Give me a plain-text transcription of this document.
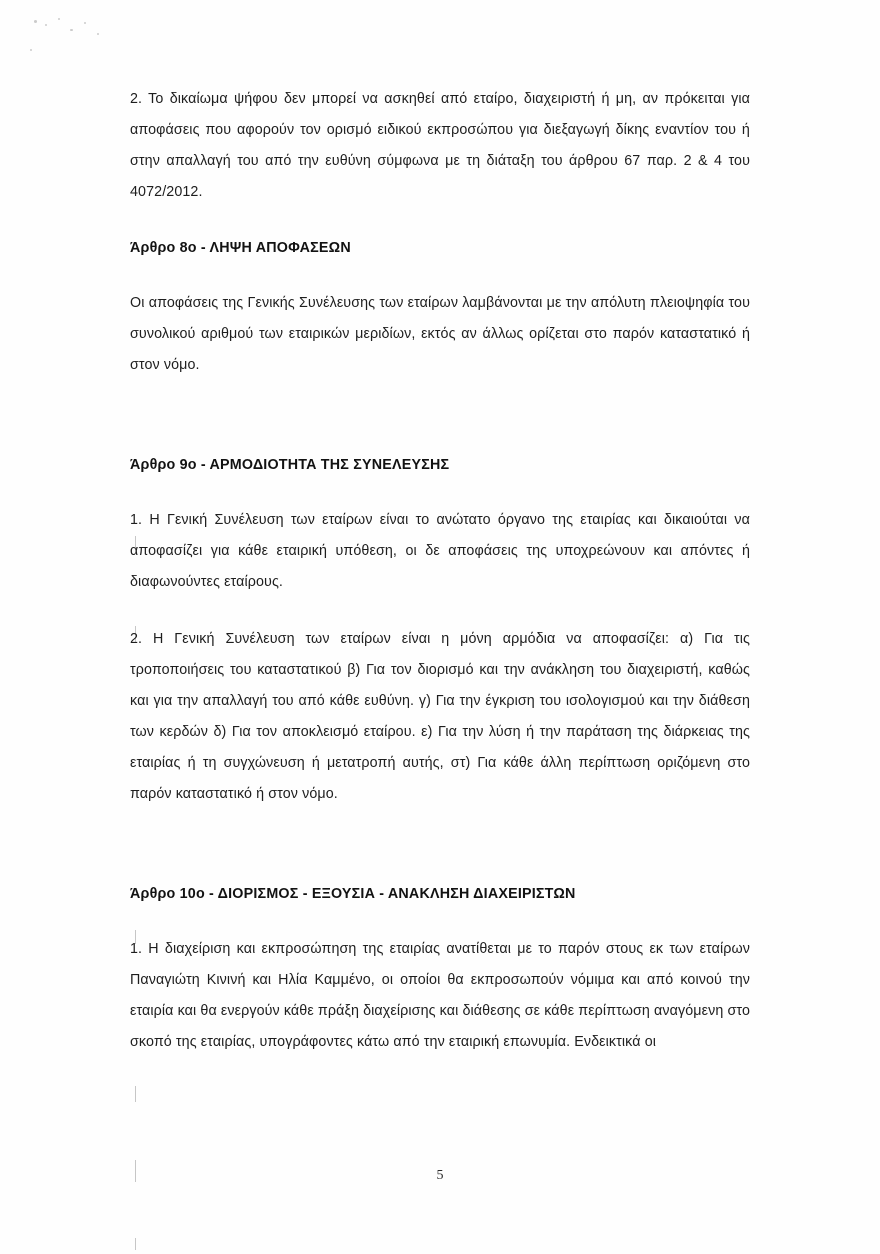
2. Το δικαίωμα ψήφου δεν μπορεί να ασκηθεί από εταίρο, διαχειριστή ή μη, αν πρόκειται για αποφάσεις που αφορούν τον ορισμό ειδικού εκπροσώπου για διεξαγωγή δίκης εναντίον του ή στην απαλλαγή του από την ευθύνη σύμφωνα με τη διάταξη του άρθρου 67 παρ. 2 & 4 του 4072/2012.

Άρθρο 8ο - ΛΗΨΗ ΑΠΟΦΑΣΕΩΝ

Οι αποφάσεις της Γενικής Συνέλευσης των εταίρων λαμβάνονται με την απόλυτη πλειοψηφία του συνολικού αριθμού των εταιρικών μεριδίων, εκτός αν άλλως ορίζεται στο παρόν καταστατικό ή στον νόμο.

Άρθρο 9ο - ΑΡΜΟΔΙΟΤΗΤΑ ΤΗΣ ΣΥΝΕΛΕΥΣΗΣ

1. Η Γενική Συνέλευση των εταίρων είναι το ανώτατο όργανο της εταιρίας και δικαιούται να αποφασίζει για κάθε εταιρική υπόθεση, οι δε αποφάσεις της υποχρεώνουν και απόντες ή διαφωνούντες εταίρους.

2. Η Γενική Συνέλευση των εταίρων είναι η μόνη αρμόδια να αποφασίζει: α) Για τις τροποποιήσεις του καταστατικού β) Για τον διορισμό και την ανάκληση του διαχειριστή, καθώς και για την απαλλαγή του από κάθε ευθύνη. γ) Για την έγκριση του ισολογισμού και την διάθεση των κερδών δ) Για τον αποκλεισμό εταίρου. ε) Για την λύση ή την παράταση της διάρκειας της εταιρίας ή τη συγχώνευση ή μετατροπή αυτής, στ) Για κάθε άλλη περίπτωση οριζόμενη στο παρόν καταστατικό ή στον νόμο.

Άρθρο 10ο - ΔΙΟΡΙΣΜΟΣ - ΕΞΟΥΣΙΑ - ΑΝΑΚΛΗΣΗ ΔΙΑΧΕΙΡΙΣΤΩΝ

1. Η διαχείριση και εκπροσώπηση της εταιρίας ανατίθεται με το παρόν στους εκ των εταίρων Παναγιώτη Κινινή και Ηλία Καμμένο, οι οποίοι θα εκπροσωπούν νόμιμα και από κοινού την εταιρία και θα ενεργούν κάθε πράξη διαχείρισης και διάθεσης σε κάθε περίπτωση αναγόμενη στο σκοπό της εταιρίας, υπογράφοντες κάτω από την εταιρική επωνυμία. Ενδεικτικά οι

5
